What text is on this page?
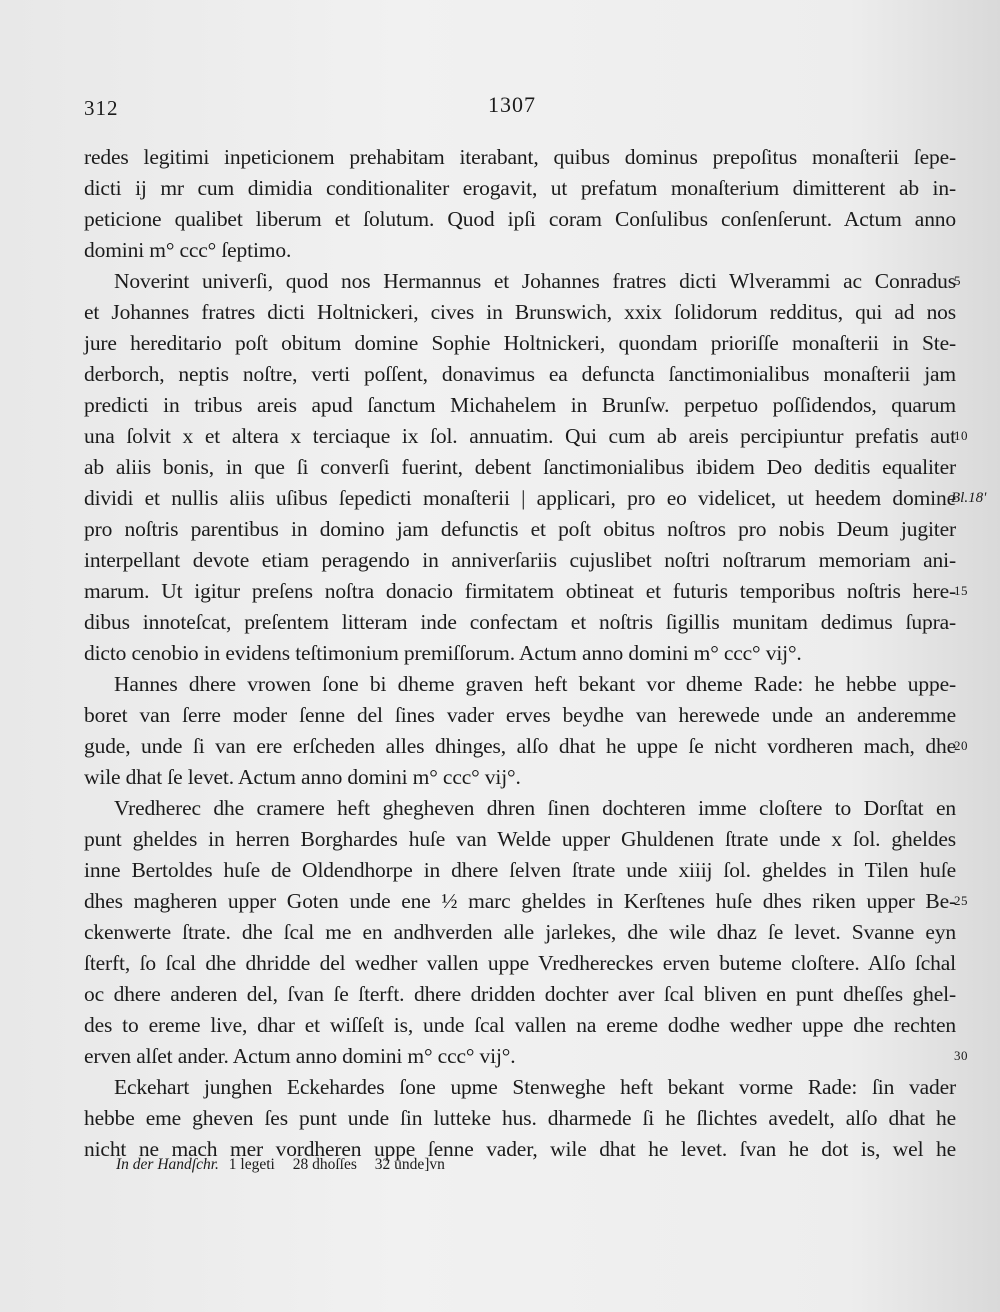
312	1307
redes legitimi inpeticionem prehabitam iterabant, quibus dominus prepoſitus monaſterii ſepe-
dicti ij mr cum dimidia conditionaliter erogavit, ut prefatum monaſterium dimitterent ab in-
peticione qualibet liberum et ſolutum. Quod ipſi coram Conſulibus conſenſerunt. Actum anno
domini m° ccc° ſeptimo.
Noverint univerſi, quod nos Hermannus et Johannes fratres dicti Wlverammi ac Conradus
et Johannes fratres dicti Holtnickeri, cives in Brunswich, xxix ſolidorum redditus, qui ad nos
jure hereditario poſt obitum domine Sophie Holtnickeri, quondam prioriſſe monaſterii in Ste-
derborch, neptis noſtre, verti poſſent, donavimus ea defuncta ſanctimonialibus monaſterii jam
predicti in tribus areis apud ſanctum Michahelem in Brunſw. perpetuo poſſidendos, quarum
una ſolvit x et altera x terciaque ix ſol. annuatim. Qui cum ab areis percipiuntur prefatis aut
ab aliis bonis, in que ſi converſi fuerint, debent ſanctimonialibus ibidem Deo deditis equaliter
dividi et nullis aliis uſibus ſepedicti monaſterii | applicari, pro eo videlicet, ut heedem domine
pro noſtris parentibus in domino jam defunctis et poſt obitus noſtros pro nobis Deum jugiter
interpellant devote etiam peragendo in anniverſariis cujuslibet noſtri noſtrarum memoriam ani-
marum. Ut igitur preſens noſtra donacio firmitatem obtineat et futuris temporibus noſtris here-
dibus innoteſcat, preſentem litteram inde confectam et noſtris ſigillis munitam dedimus ſupra-
dicto cenobio in evidens teſtimonium premiſſorum. Actum anno domini m° ccc° vij°.
Hannes dhere vrowen ſone bi dheme graven heft bekant vor dheme Rade: he hebbe uppe-
boret van ſerre moder ſenne del ſines vader erves beydhe van herewede unde an anderemme
gude, unde ſi van ere erſcheden alles dhinges, alſo dhat he uppe ſe nicht vordheren mach, dhe
wile dhat ſe levet. Actum anno domini m° ccc° vij°.
Vredherec dhe cramere heft ghegheven dhren ſinen dochteren imme cloſtere to Dorſtat en
punt gheldes in herren Borghardes huſe van Welde upper Ghuldenen ſtrate unde x ſol. gheldes
inne Bertoldes huſe de Oldendhorpe in dhere ſelven ſtrate unde xiiij ſol. gheldes in Tilen huſe
dhes magheren upper Goten unde ene ½ marc gheldes in Kerſtenes huſe dhes riken upper Be-
ckenwerte ſtrate. dhe ſcal me en andhverden alle jarlekes, dhe wile dhaz ſe levet. Svanne eyn
ſterft, ſo ſcal dhe dhridde del wedher vallen uppe Vredhereckes erven buteme cloſtere. Alſo ſchal
oc dhere anderen del, ſvan ſe ſterft. dhere dridden dochter aver ſcal bliven en punt dheſſes ghel-
des to ereme live, dhar et wiſſeſt is, unde ſcal vallen na ereme dodhe wedher uppe dhe rechten
erven alſet ander. Actum anno domini m° ccc° vij°.
Eckehart junghen Eckehardes ſone upme Stenweghe heft bekant vorme Rade: ſin vader
hebbe eme gheven ſes punt unde ſin lutteke hus. dharmede ſi he ſlichtes avedelt, alſo dhat he
nicht ne mach mer vordheren uppe ſenne vader, wile dhat he levet. ſvan he dot is, wel he
5
10
Bl.18'
15
20
25
30
In der Handſchr. 1 legeti 28 dhoſſes 32 unde]vn
